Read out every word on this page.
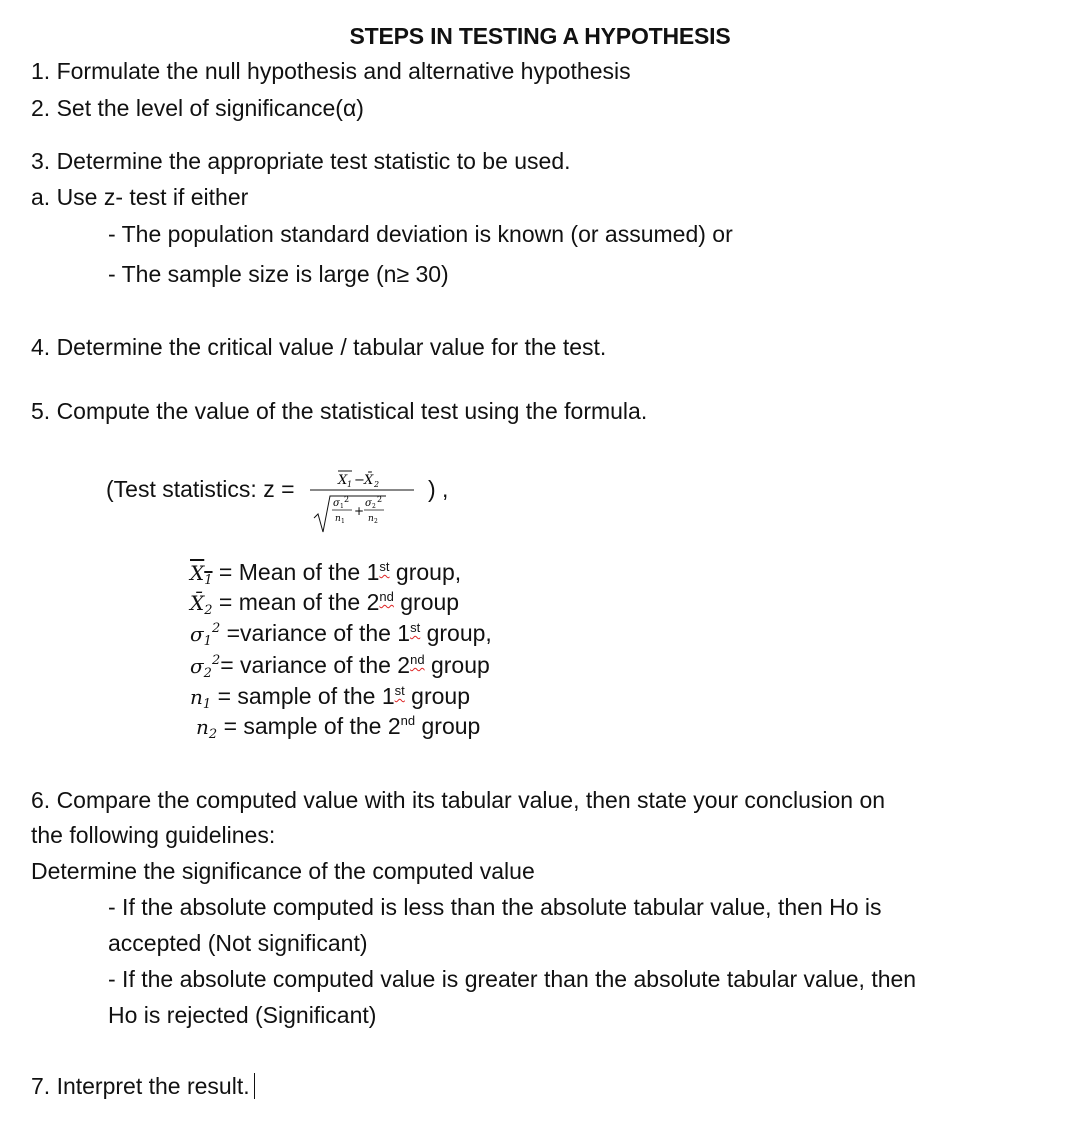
STEPS IN TESTING A HYPOTHESIS
1. Formulate the null hypothesis and alternative hypothesis
2. Set the level of significance(α)
3. Determine the appropriate test statistic to be used.
a. Use z- test if either
- The population standard deviation is known (or assumed) or
- The sample size is large (n≥ 30)
4. Determine the critical value / tabular value for the test.
5. Compute the value of the statistical test using the formula.
(Test statistics: z =	X 1 − X̄ 2
σ 1
2
n 1
+
σ 2
2
n 2
) ,
$X_1$ = Mean of the 1st group,
$X̄_2$ = mean of the 2nd group
$\sigma_1^2$ =variance of the 1st group,
$\sigma_2^2=$ variance of the 2nd group
$n_1$ = sample of the 1st group
$n_2$ = sample of the 2nd group
6. Compare the computed value with its tabular value, then state your conclusion on
the following guidelines:
Determine the significance of the computed value
- If the absolute computed is less than the absolute tabular value, then Ho is
accepted (Not significant)
- If the absolute computed value is greater than the absolute tabular value, then
Ho is rejected (Significant)
7. Interpret the result.
